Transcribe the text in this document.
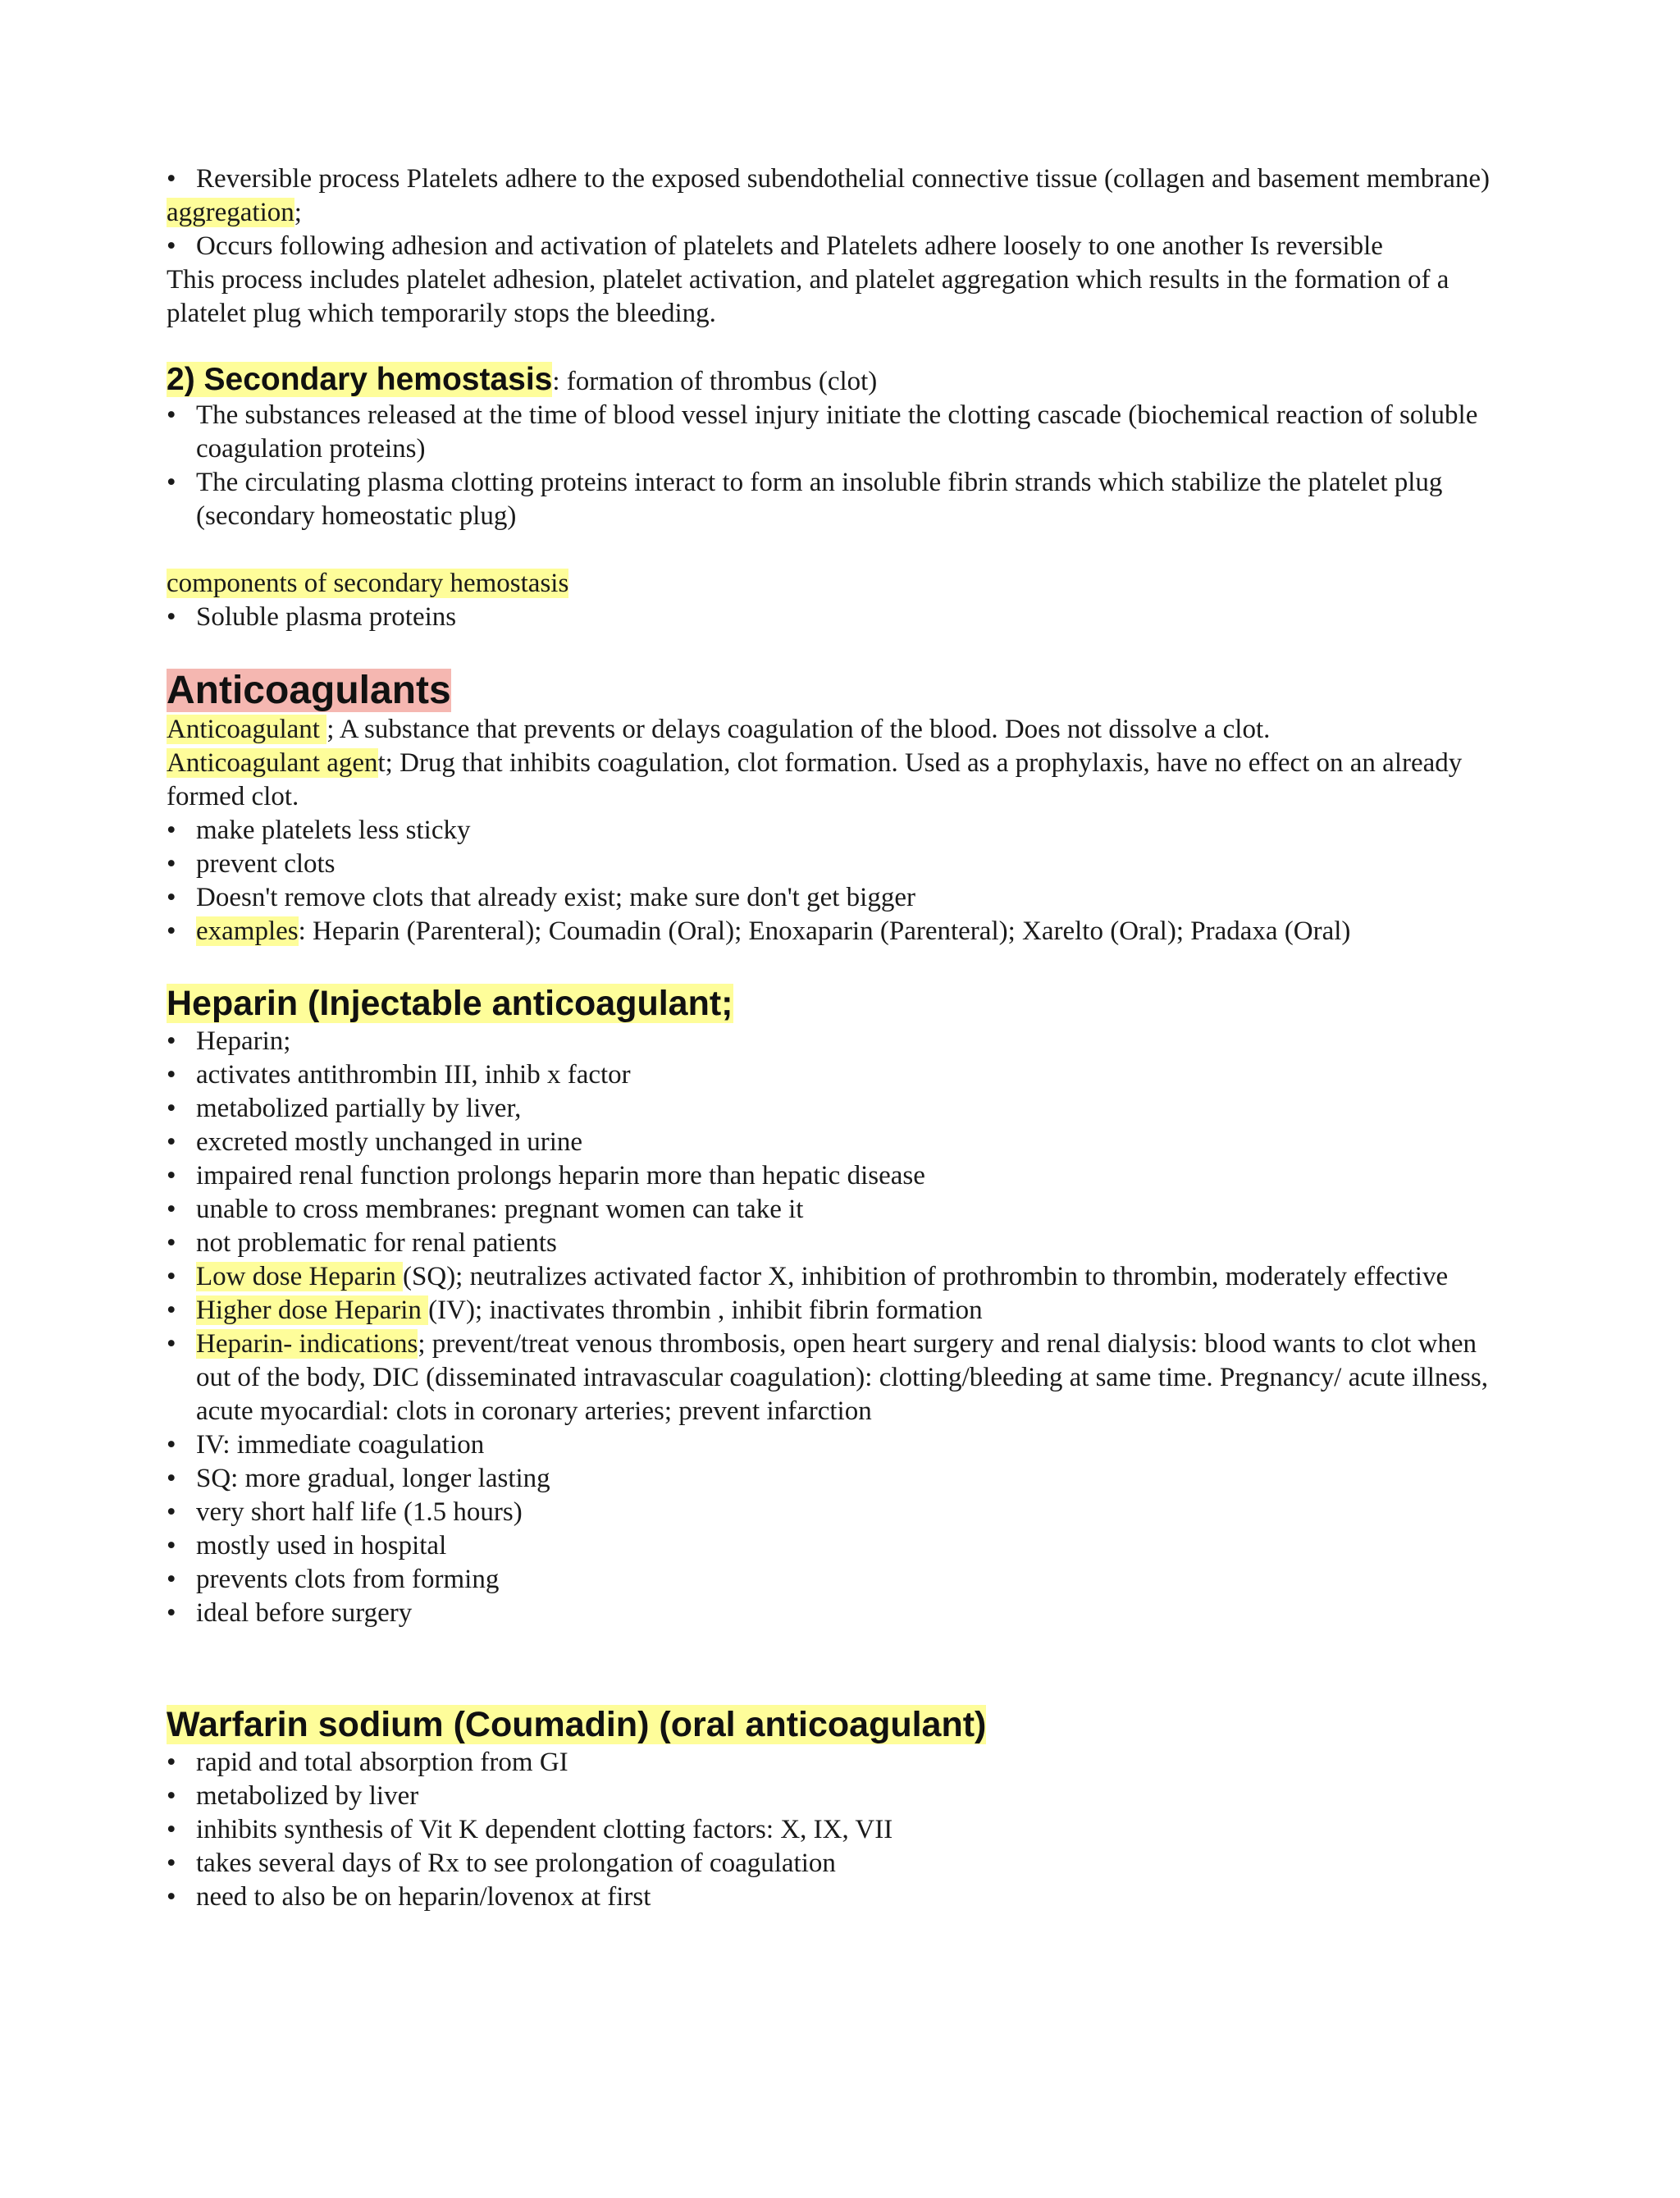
• Reversible process Platelets adhere to the exposed subendothelial connective tissue (collagen and basement membrane)
aggregation;
• Occurs following adhesion and activation of platelets and Platelets adhere loosely to one another Is reversible
This process includes platelet adhesion, platelet activation, and platelet aggregation which results in the formation of a platelet plug which temporarily stops the bleeding.
2) Secondary hemostasis: formation of thrombus (clot)
• The substances released at the time of blood vessel injury initiate the clotting cascade (biochemical reaction of soluble coagulation proteins)
• The circulating plasma clotting proteins interact to form an insoluble fibrin strands which stabilize the platelet plug (secondary homeostatic plug)
components of secondary hemostasis
• Soluble plasma proteins
Anticoagulants
Anticoagulant ; A substance that prevents or delays coagulation of the blood. Does not dissolve a clot.
Anticoagulant agent; Drug that inhibits coagulation, clot formation. Used as a prophylaxis, have no effect on an already formed clot.
• make platelets less sticky
• prevent clots
• Doesn't remove clots that already exist; make sure don't get bigger
• examples: Heparin (Parenteral); Coumadin (Oral); Enoxaparin (Parenteral); Xarelto (Oral); Pradaxa (Oral)
Heparin (Injectable anticoagulant;
• Heparin;
• activates antithrombin III, inhib x factor
• metabolized partially by liver,
• excreted mostly unchanged in urine
• impaired renal function prolongs heparin more than hepatic disease
• unable to cross membranes: pregnant women can take it
• not problematic for renal patients
• Low dose Heparin (SQ); neutralizes activated factor X, inhibition of prothrombin to thrombin, moderately effective
• Higher dose Heparin (IV); inactivates thrombin , inhibit fibrin formation
• Heparin- indications; prevent/treat venous thrombosis, open heart surgery and renal dialysis: blood wants to clot when out of the body, DIC (disseminated intravascular coagulation): clotting/bleeding at same time. Pregnancy/ acute illness, acute myocardial: clots in coronary arteries; prevent infarction
• IV: immediate coagulation
• SQ: more gradual, longer lasting
• very short half life (1.5 hours)
• mostly used in hospital
• prevents clots from forming
• ideal before surgery
Warfarin sodium (Coumadin) (oral anticoagulant)
• rapid and total absorption from GI
• metabolized by liver
• inhibits synthesis of Vit K dependent clotting factors: X, IX, VII
• takes several days of Rx to see prolongation of coagulation
• need to also be on heparin/lovenox at first
